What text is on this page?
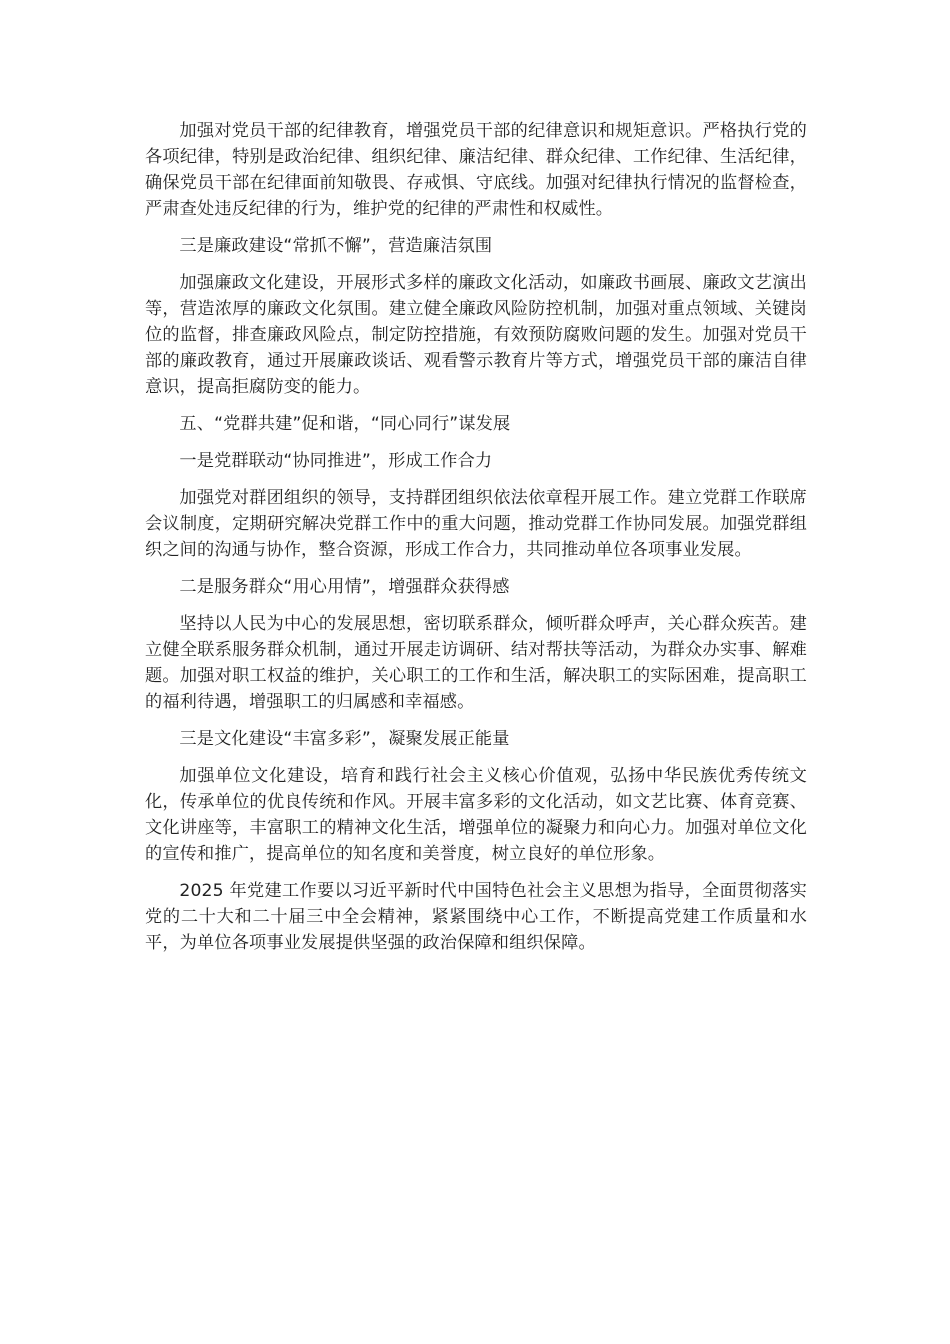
加强对党员干部的纪律教育，增强党员干部的纪律意识和规矩意识。严格执行党的各项纪律，特别是政治纪律、组织纪律、廉洁纪律、群众纪律、工作纪律、生活纪律，确保党员干部在纪律面前知敬畏、存戒惧、守底线。加强对纪律执行情况的监督检查，严肃查处违反纪律的行为，维护党的纪律的严肃性和权威性。

三是廉政建设“常抓不懈”，营造廉洁氛围

加强廉政文化建设，开展形式多样的廉政文化活动，如廉政书画展、廉政文艺演出等，营造浓厚的廉政文化氛围。建立健全廉政风险防控机制，加强对重点领域、关键岗位的监督，排查廉政风险点，制定防控措施，有效预防腐败问题的发生。加强对党员干部的廉政教育，通过开展廉政谈话、观看警示教育片等方式，增强党员干部的廉洁自律意识，提高拒腐防变的能力。

五、“党群共建”促和谐，“同心同行”谋发展

一是党群联动“协同推进”，形成工作合力

加强党对群团组织的领导，支持群团组织依法依章程开展工作。建立党群工作联席会议制度，定期研究解决党群工作中的重大问题，推动党群工作协同发展。加强党群组织之间的沟通与协作，整合资源，形成工作合力，共同推动单位各项事业发展。

二是服务群众“用心用情”，增强群众获得感

坚持以人民为中心的发展思想，密切联系群众，倾听群众呼声，关心群众疾苦。建立健全联系服务群众机制，通过开展走访调研、结对帮扶等活动，为群众办实事、解难题。加强对职工权益的维护，关心职工的工作和生活，解决职工的实际困难，提高职工的福利待遇，增强职工的归属感和幸福感。

三是文化建设“丰富多彩”，凝聚发展正能量

加强单位文化建设，培育和践行社会主义核心价值观，弘扬中华民族优秀传统文化，传承单位的优良传统和作风。开展丰富多彩的文化活动，如文艺比赛、体育竞赛、文化讲座等，丰富职工的精神文化生活，增强单位的凝聚力和向心力。加强对单位文化的宣传和推广，提高单位的知名度和美誉度，树立良好的单位形象。

2025 年党建工作要以习近平新时代中国特色社会主义思想为指导，全面贯彻落实党的二十大和二十届三中全会精神，紧紧围绕中心工作，不断提高党建工作质量和水平，为单位各项事业发展提供坚强的政治保障和组织保障。
